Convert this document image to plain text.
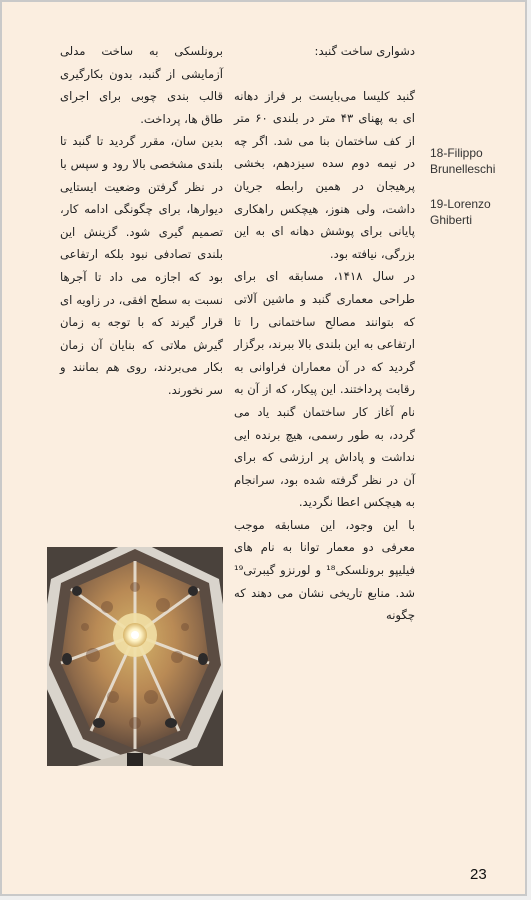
دشواری ساخت گنبد:

گنبد کلیسا می‌بایست بر فراز دهانه ای به پهنای ۴۳ متر در بلندی ۶۰ متر از کف ساختمان بنا می شد. اگر چه در نیمه دوم سده سیزدهم، بخشی پرهیجان در همین رابطه جریان داشت، ولی هنوز، هیچکس راهکاری پایانی برای پوشش دهانه ای به این بزرگی، نیافته بود.

در سال ۱۴۱۸، مسابقه ای برای طراحی معماری گنبد و ماشین آلاتی که بتوانند مصالح ساختمانی را تا ارتفاعی به این بلندی بالا ببرند، برگزار گردید که در آن معماران فراوانی به رقابت پرداختند. این پیکار، که از آن به نام آغاز کار ساختمان گنبد یاد می گردد، به طور رسمی، هیچ برنده ایی نداشت و پاداش پر ارزشی که برای آن در نظر گرفته شده بود، سرانجام به هیچکس اعطا نگردید.

با این وجود، این مسابقه موجب معرفی دو معمار توانا به نام های فیلیپو برونلسکی¹⁸ و لورنزو گیبرتی¹⁹ شد. منابع تاریخی نشان می دهند که چگونه

برونلسکی به ساخت مدلی آزمایشی از گنبد، بدون بکارگیری قالب بندی چوبی برای اجرای طاق ها، پرداخت.

بدین سان، مقرر گردید تا گنبد تا بلندی مشخصی بالا رود و سپس با در نظر گرفتن وضعیت ایستایی دیوارها، برای چگونگی ادامه کار، تصمیم گیری شود. گزینش این بلندی تصادفی نبود بلکه ارتفاعی بود که اجازه می داد تا آجرها نسبت به سطح افقی، در زاویه ای قرار گیرند که با توجه به زمان گیرش ملاتی که بنایان آن زمان بکار می‌بردند، روی هم بمانند و سر نخورند.

18-Filippo Brunelleschi
19-Lorenzo Ghiberti
23
